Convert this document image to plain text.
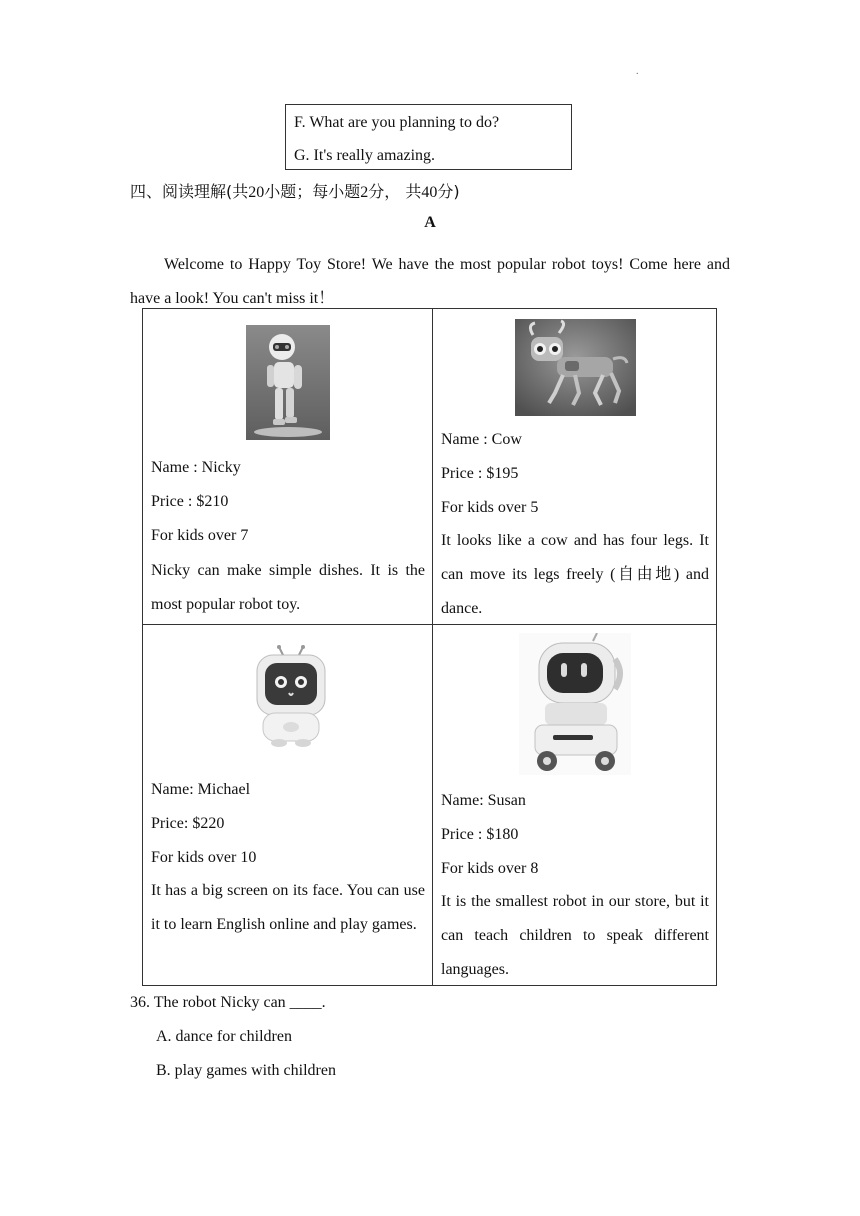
.
F. What are you planning to do?
G. It's really amazing.
四、阅读理解(共20小题；每小题2分， 共40分)
A
Welcome to Happy Toy Store! We have the most popular robot toys! Come here and have a look! You can't miss it！
Name : Nicky
Price : $210
For kids over 7
Nicky can make simple dishes. It is the most popular robot toy.
Name : Cow
Price : $195
For kids over 5
It looks like a cow and has four legs. It can move its legs freely (自由地) and dance.
Name: Michael
Price: $220
For kids over 10
It has a big screen on its face. You can use it to learn English online and play games.
Name: Susan
Price : $180
For kids over 8
It is the smallest robot in our store, but it can teach children to speak different languages.
36. The robot Nicky can ____.
A. dance for children
B. play games with children
